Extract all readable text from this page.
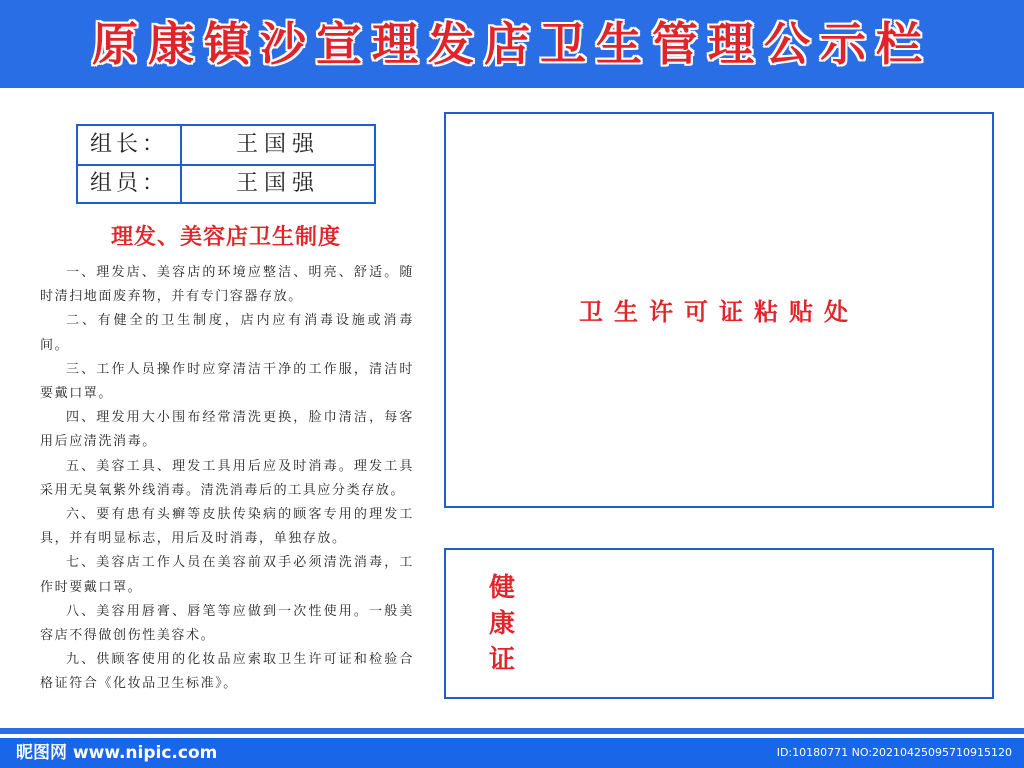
原康镇沙宣理发店卫生管理公示栏
组长：	王国强
组员：	王国强
理发、美容店卫生制度

一、理发店、美容店的环境应整洁、明亮、舒适。随时清扫地面废弃物，并有专门容器存放。

二、有健全的卫生制度，店内应有消毒设施或消毒间。

三、工作人员操作时应穿清洁干净的工作服，清洁时要戴口罩。

四、理发用大小围布经常清洗更换，脸巾清洁，每客用后应清洗消毒。

五、美容工具、理发工具用后应及时消毒。理发工具采用无臭氧紫外线消毒。清洗消毒后的工具应分类存放。

六、要有患有头癣等皮肤传染病的顾客专用的理发工具，并有明显标志，用后及时消毒，单独存放。

七、美容店工作人员在美容前双手必须清洗消毒，工作时要戴口罩。

八、美容用唇膏、唇笔等应做到一次性使用。一般美容店不得做创伤性美容术。

九、供顾客使用的化妆品应索取卫生许可证和检验合格证符合《化妆品卫生标准》。

卫生许可证粘贴处
健康证
昵图网 www.nipic.com	ID:10180771 NO:20210425095710915120
